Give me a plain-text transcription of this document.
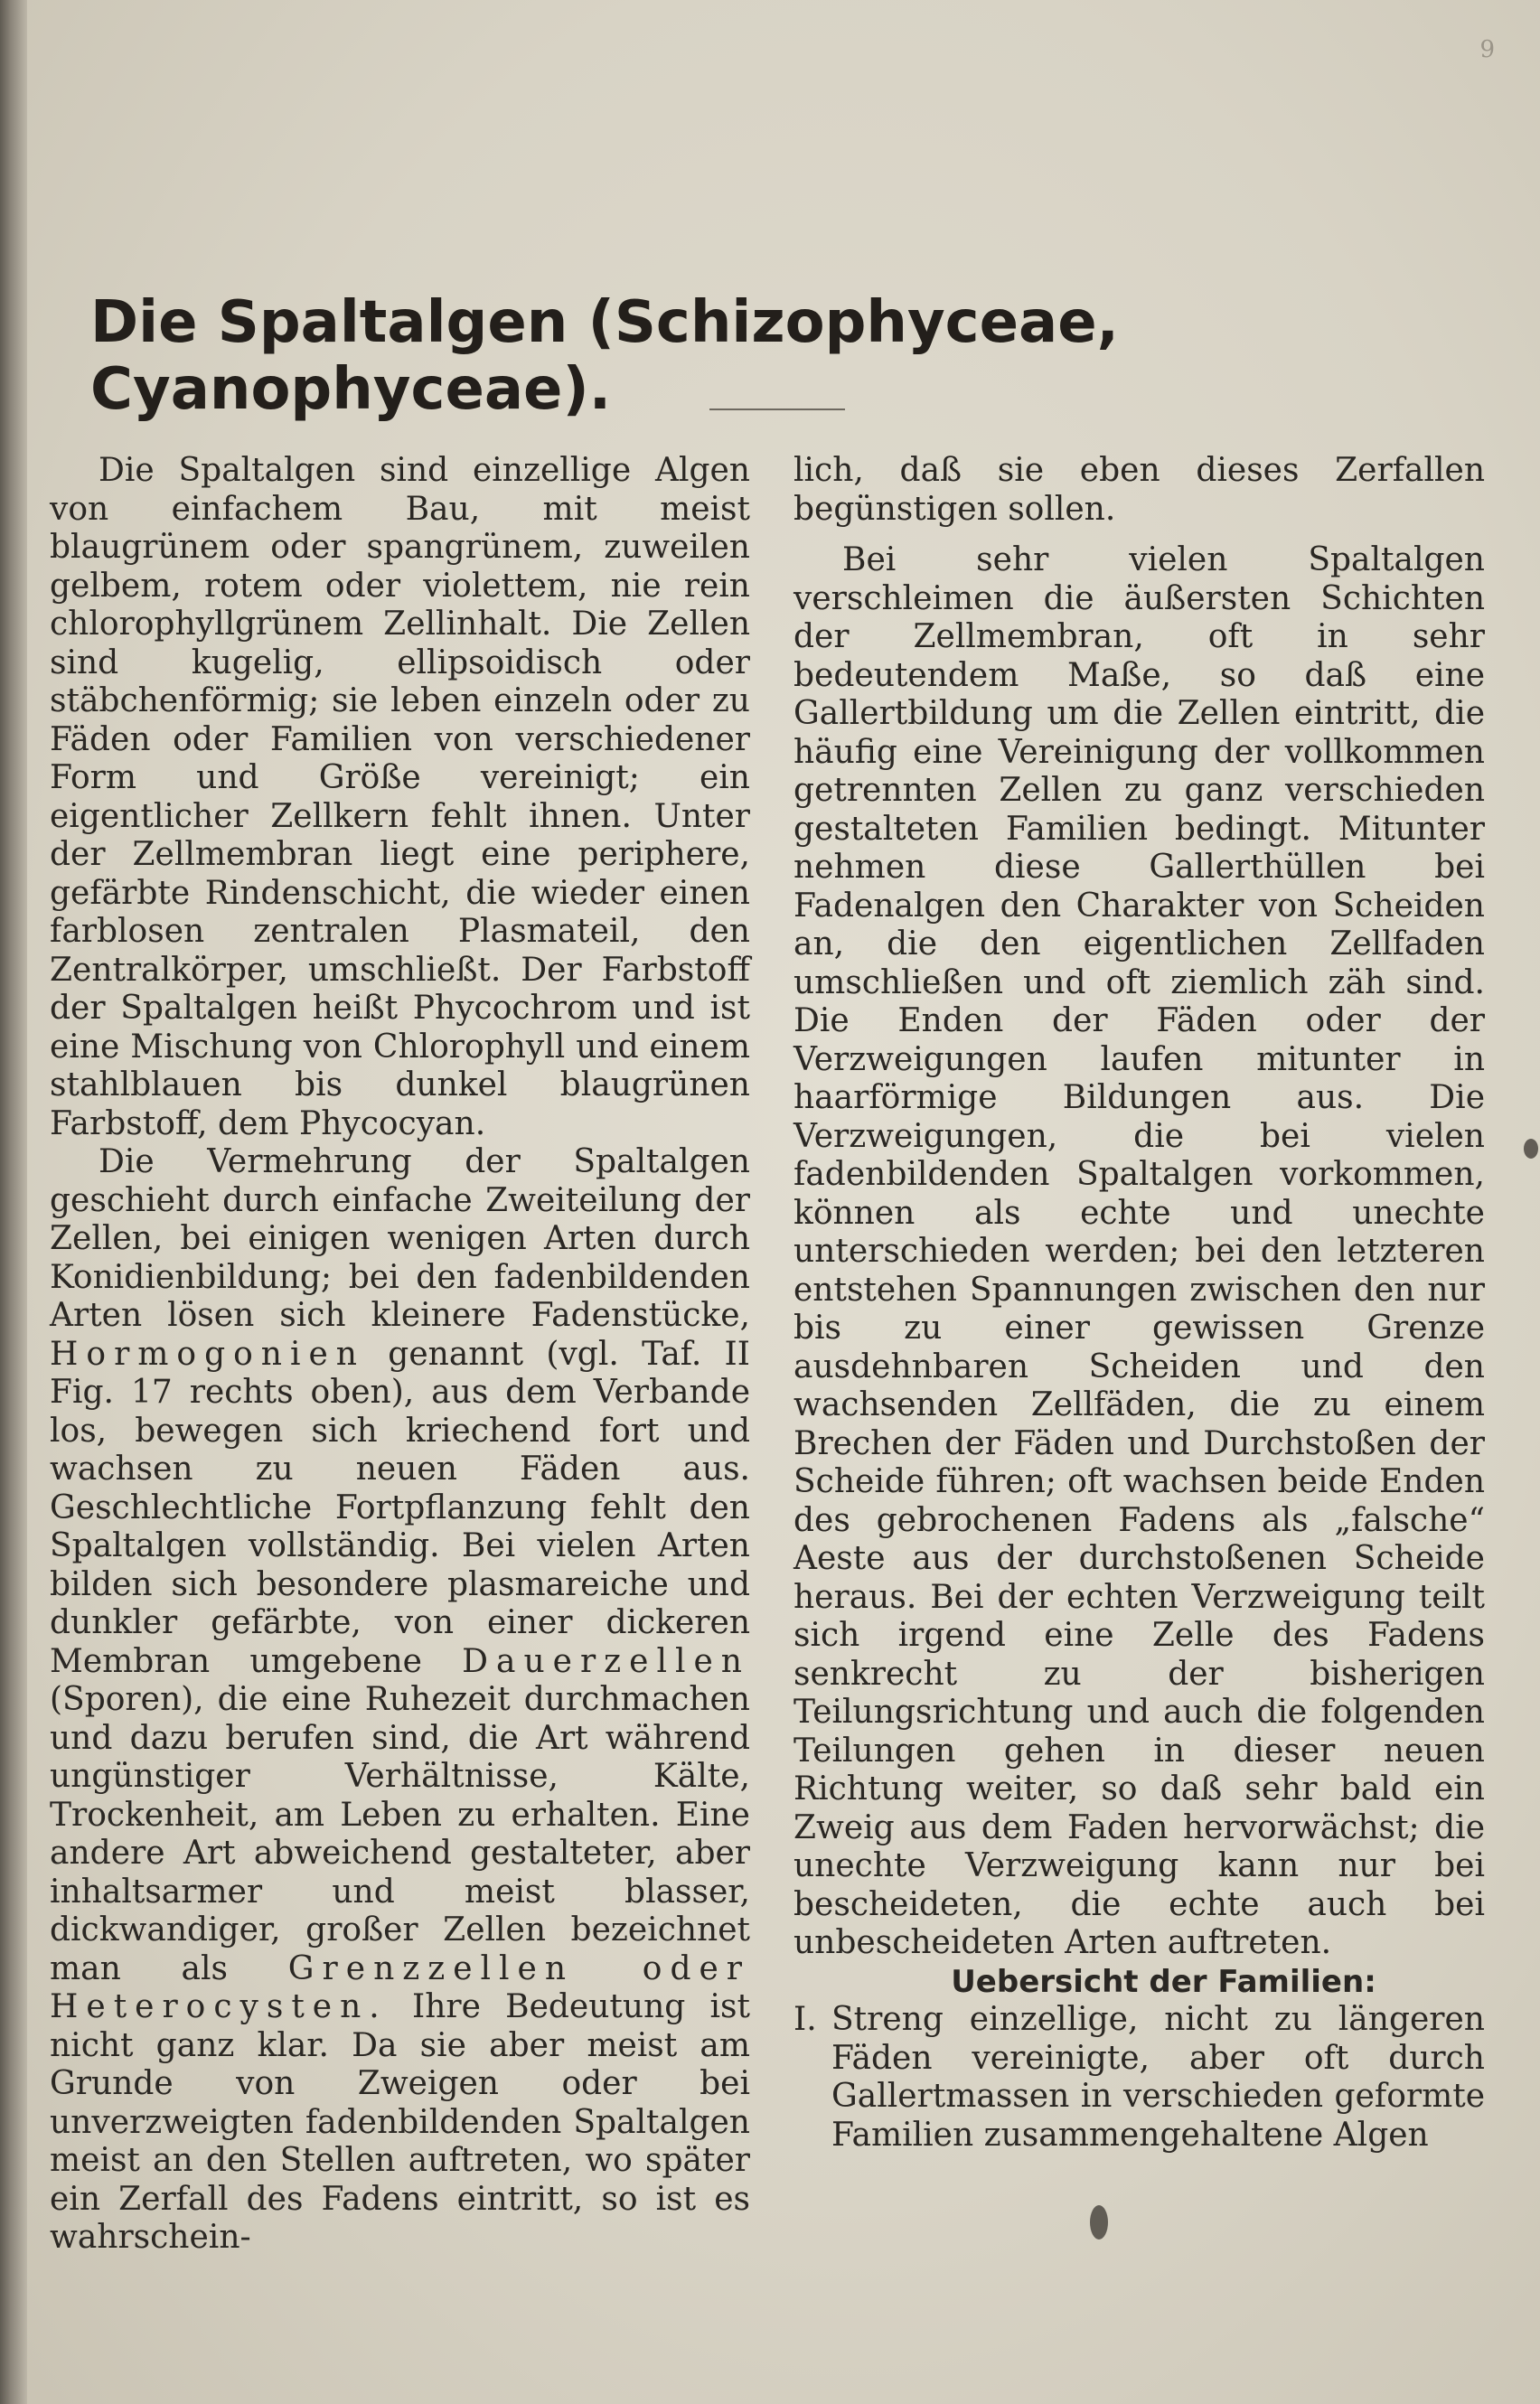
9
Die Spaltalgen (Schizophyceae, Cyanophyceae).

Die Spaltalgen sind einzellige Algen von einfachem Bau, mit meist blaugrünem oder spangrünem, zuweilen gelbem, rotem oder violettem, nie rein chlorophyllgrünem Zellinhalt. Die Zellen sind kugelig, ellipsoidisch oder stäbchenförmig; sie leben einzeln oder zu Fäden oder Familien von verschiedener Form und Größe vereinigt; ein eigentlicher Zellkern fehlt ihnen. Unter der Zellmembran liegt eine periphere, gefärbte Rindenschicht, die wieder einen farblosen zentralen Plasmateil, den Zentralkörper, umschließt. Der Farbstoff der Spaltalgen heißt Phycochrom und ist eine Mischung von Chlorophyll und einem stahlblauen bis dunkel blaugrünen Farbstoff, dem Phycocyan.

Die Vermehrung der Spaltalgen geschieht durch einfache Zweiteilung der Zellen, bei einigen wenigen Arten durch Konidienbildung; bei den fadenbildenden Arten lösen sich kleinere Fadenstücke, Hormogonien genannt (vgl. Taf. II Fig. 17 rechts oben), aus dem Verbande los, bewegen sich kriechend fort und wachsen zu neuen Fäden aus. Geschlechtliche Fortpflanzung fehlt den Spaltalgen vollständig. Bei vielen Arten bilden sich besondere plasmareiche und dunkler gefärbte, von einer dickeren Membran umgebene Dauerzellen (Sporen), die eine Ruhezeit durchmachen und dazu berufen sind, die Art während ungünstiger Verhältnisse, Kälte, Trockenheit, am Leben zu erhalten. Eine andere Art abweichend gestalteter, aber inhaltsarmer und meist blasser, dickwandiger, großer Zellen bezeichnet man als Grenzzellen oder Heterocysten. Ihre Bedeutung ist nicht ganz klar. Da sie aber meist am Grunde von Zweigen oder bei unverzweigten fadenbildenden Spaltalgen meist an den Stellen auftreten, wo später ein Zerfall des Fadens eintritt, so ist es wahrschein-

lich, daß sie eben dieses Zerfallen begünstigen sollen.

Bei sehr vielen Spaltalgen verschleimen die äußersten Schichten der Zellmembran, oft in sehr bedeutendem Maße, so daß eine Gallertbildung um die Zellen eintritt, die häufig eine Vereinigung der vollkommen getrennten Zellen zu ganz verschieden gestalteten Familien bedingt. Mitunter nehmen diese Gallerthüllen bei Fadenalgen den Charakter von Scheiden an, die den eigentlichen Zellfaden umschließen und oft ziemlich zäh sind. Die Enden der Fäden oder der Verzweigungen laufen mitunter in haarförmige Bildungen aus. Die Verzweigungen, die bei vielen fadenbildenden Spaltalgen vorkommen, können als echte und unechte unterschieden werden; bei den letzteren entstehen Spannungen zwischen den nur bis zu einer gewissen Grenze ausdehnbaren Scheiden und den wachsenden Zellfäden, die zu einem Brechen der Fäden und Durchstoßen der Scheide führen; oft wachsen beide Enden des gebrochenen Fadens als „falsche“ Aeste aus der durchstoßenen Scheide heraus. Bei der echten Verzweigung teilt sich irgend eine Zelle des Fadens senkrecht zu der bisherigen Teilungsrichtung und auch die folgenden Teilungen gehen in dieser neuen Richtung weiter, so daß sehr bald ein Zweig aus dem Faden hervorwächst; die unechte Verzweigung kann nur bei bescheideten, die echte auch bei unbescheideten Arten auftreten.

Uebersicht der Familien:

I. Streng einzellige, nicht zu längeren Fäden vereinigte, aber oft durch Gallertmassen in verschieden geformte Familien zusammengehaltene Algen
